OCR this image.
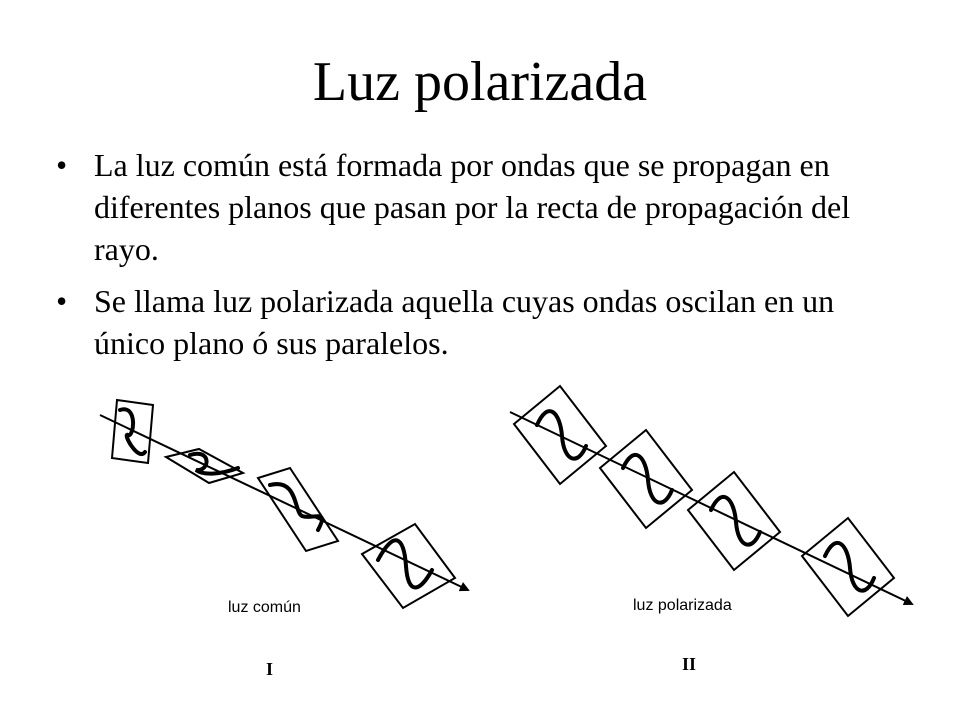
Luz polarizada
• La luz común está formada por ondas que se propagan en diferentes planos que pasan por la recta de propagación del rayo.
• Se llama luz polarizada aquella cuyas ondas oscilan en un único plano ó sus paralelos.
luz común	luz polarizada
I	II
